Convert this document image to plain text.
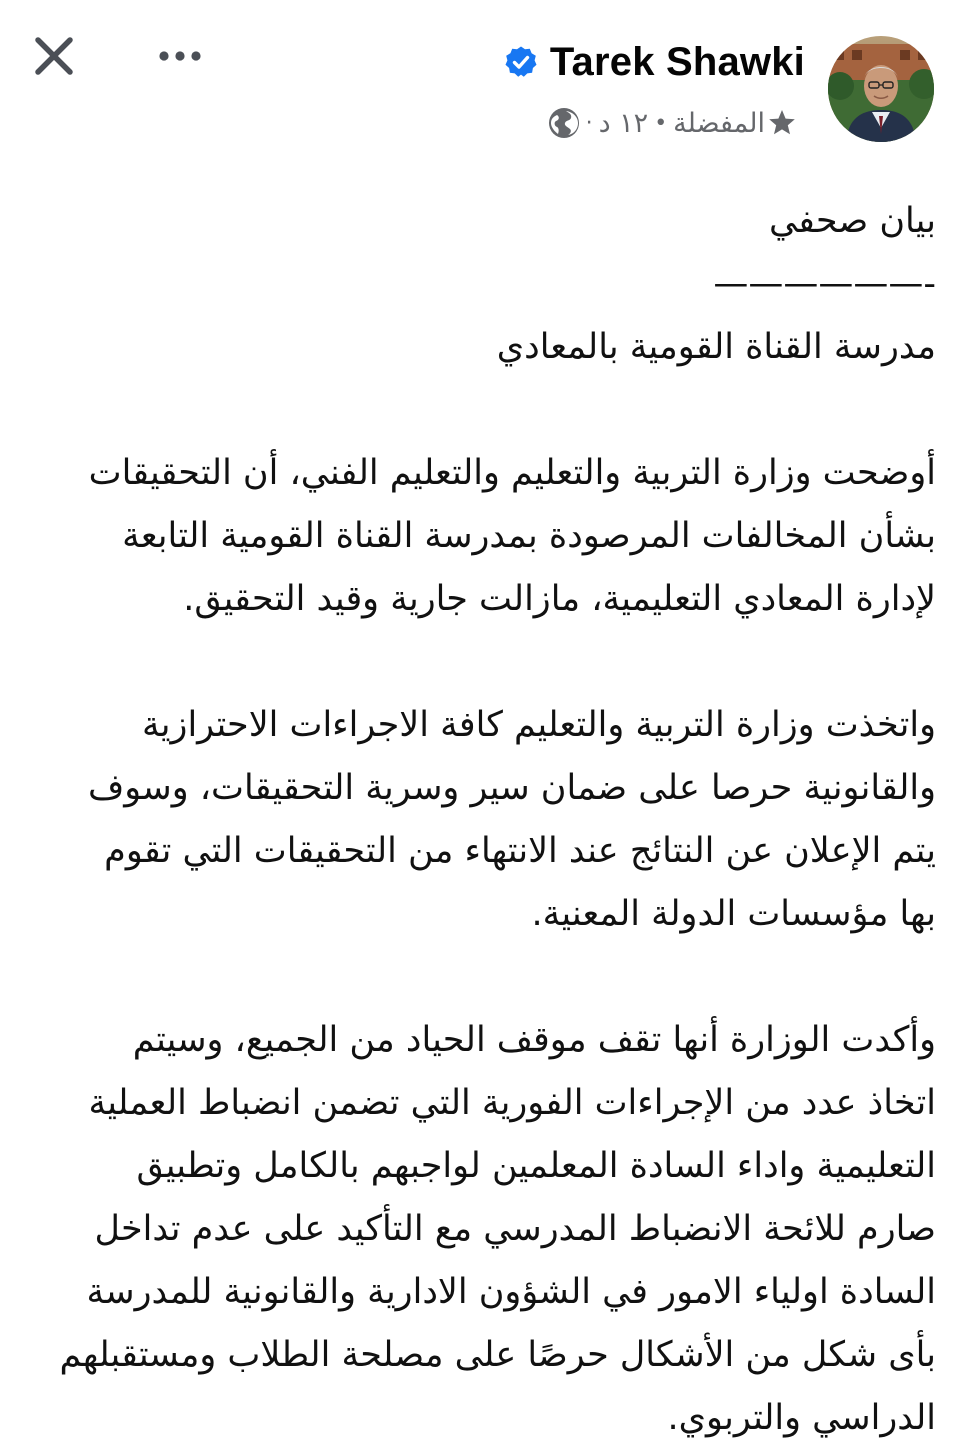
Tarek Shawki
· ١٢ د • المفضلة

بيان صحفي

-——————

مدرسة القناة القومية بالمعادي

أوضحت وزارة التربية والتعليم والتعليم الفني، أن التحقيقات

بشأن المخالفات المرصودة بمدرسة القناة القومية التابعة

لإدارة المعادي التعليمية، مازالت جارية وقيد التحقيق.

واتخذت وزارة التربية والتعليم كافة الاجراءات الاحترازية

والقانونية حرصا على ضمان سير وسرية التحقيقات، وسوف

يتم الإعلان عن النتائج عند الانتهاء من التحقيقات التي تقوم

بها مؤسسات الدولة المعنية.

وأكدت الوزارة أنها تقف موقف الحياد من الجميع، وسيتم

اتخاذ عدد من الإجراءات الفورية التي تضمن انضباط العملية

التعليمية واداء السادة المعلمين لواجبهم بالكامل وتطبيق

صارم للائحة الانضباط المدرسي مع التأكيد على عدم تداخل

السادة اولياء الامور في الشؤون الادارية والقانونية للمدرسة

بأى شكل من الأشكال حرصًا على مصلحة الطلاب ومستقبلهم

الدراسي والتربوي.
